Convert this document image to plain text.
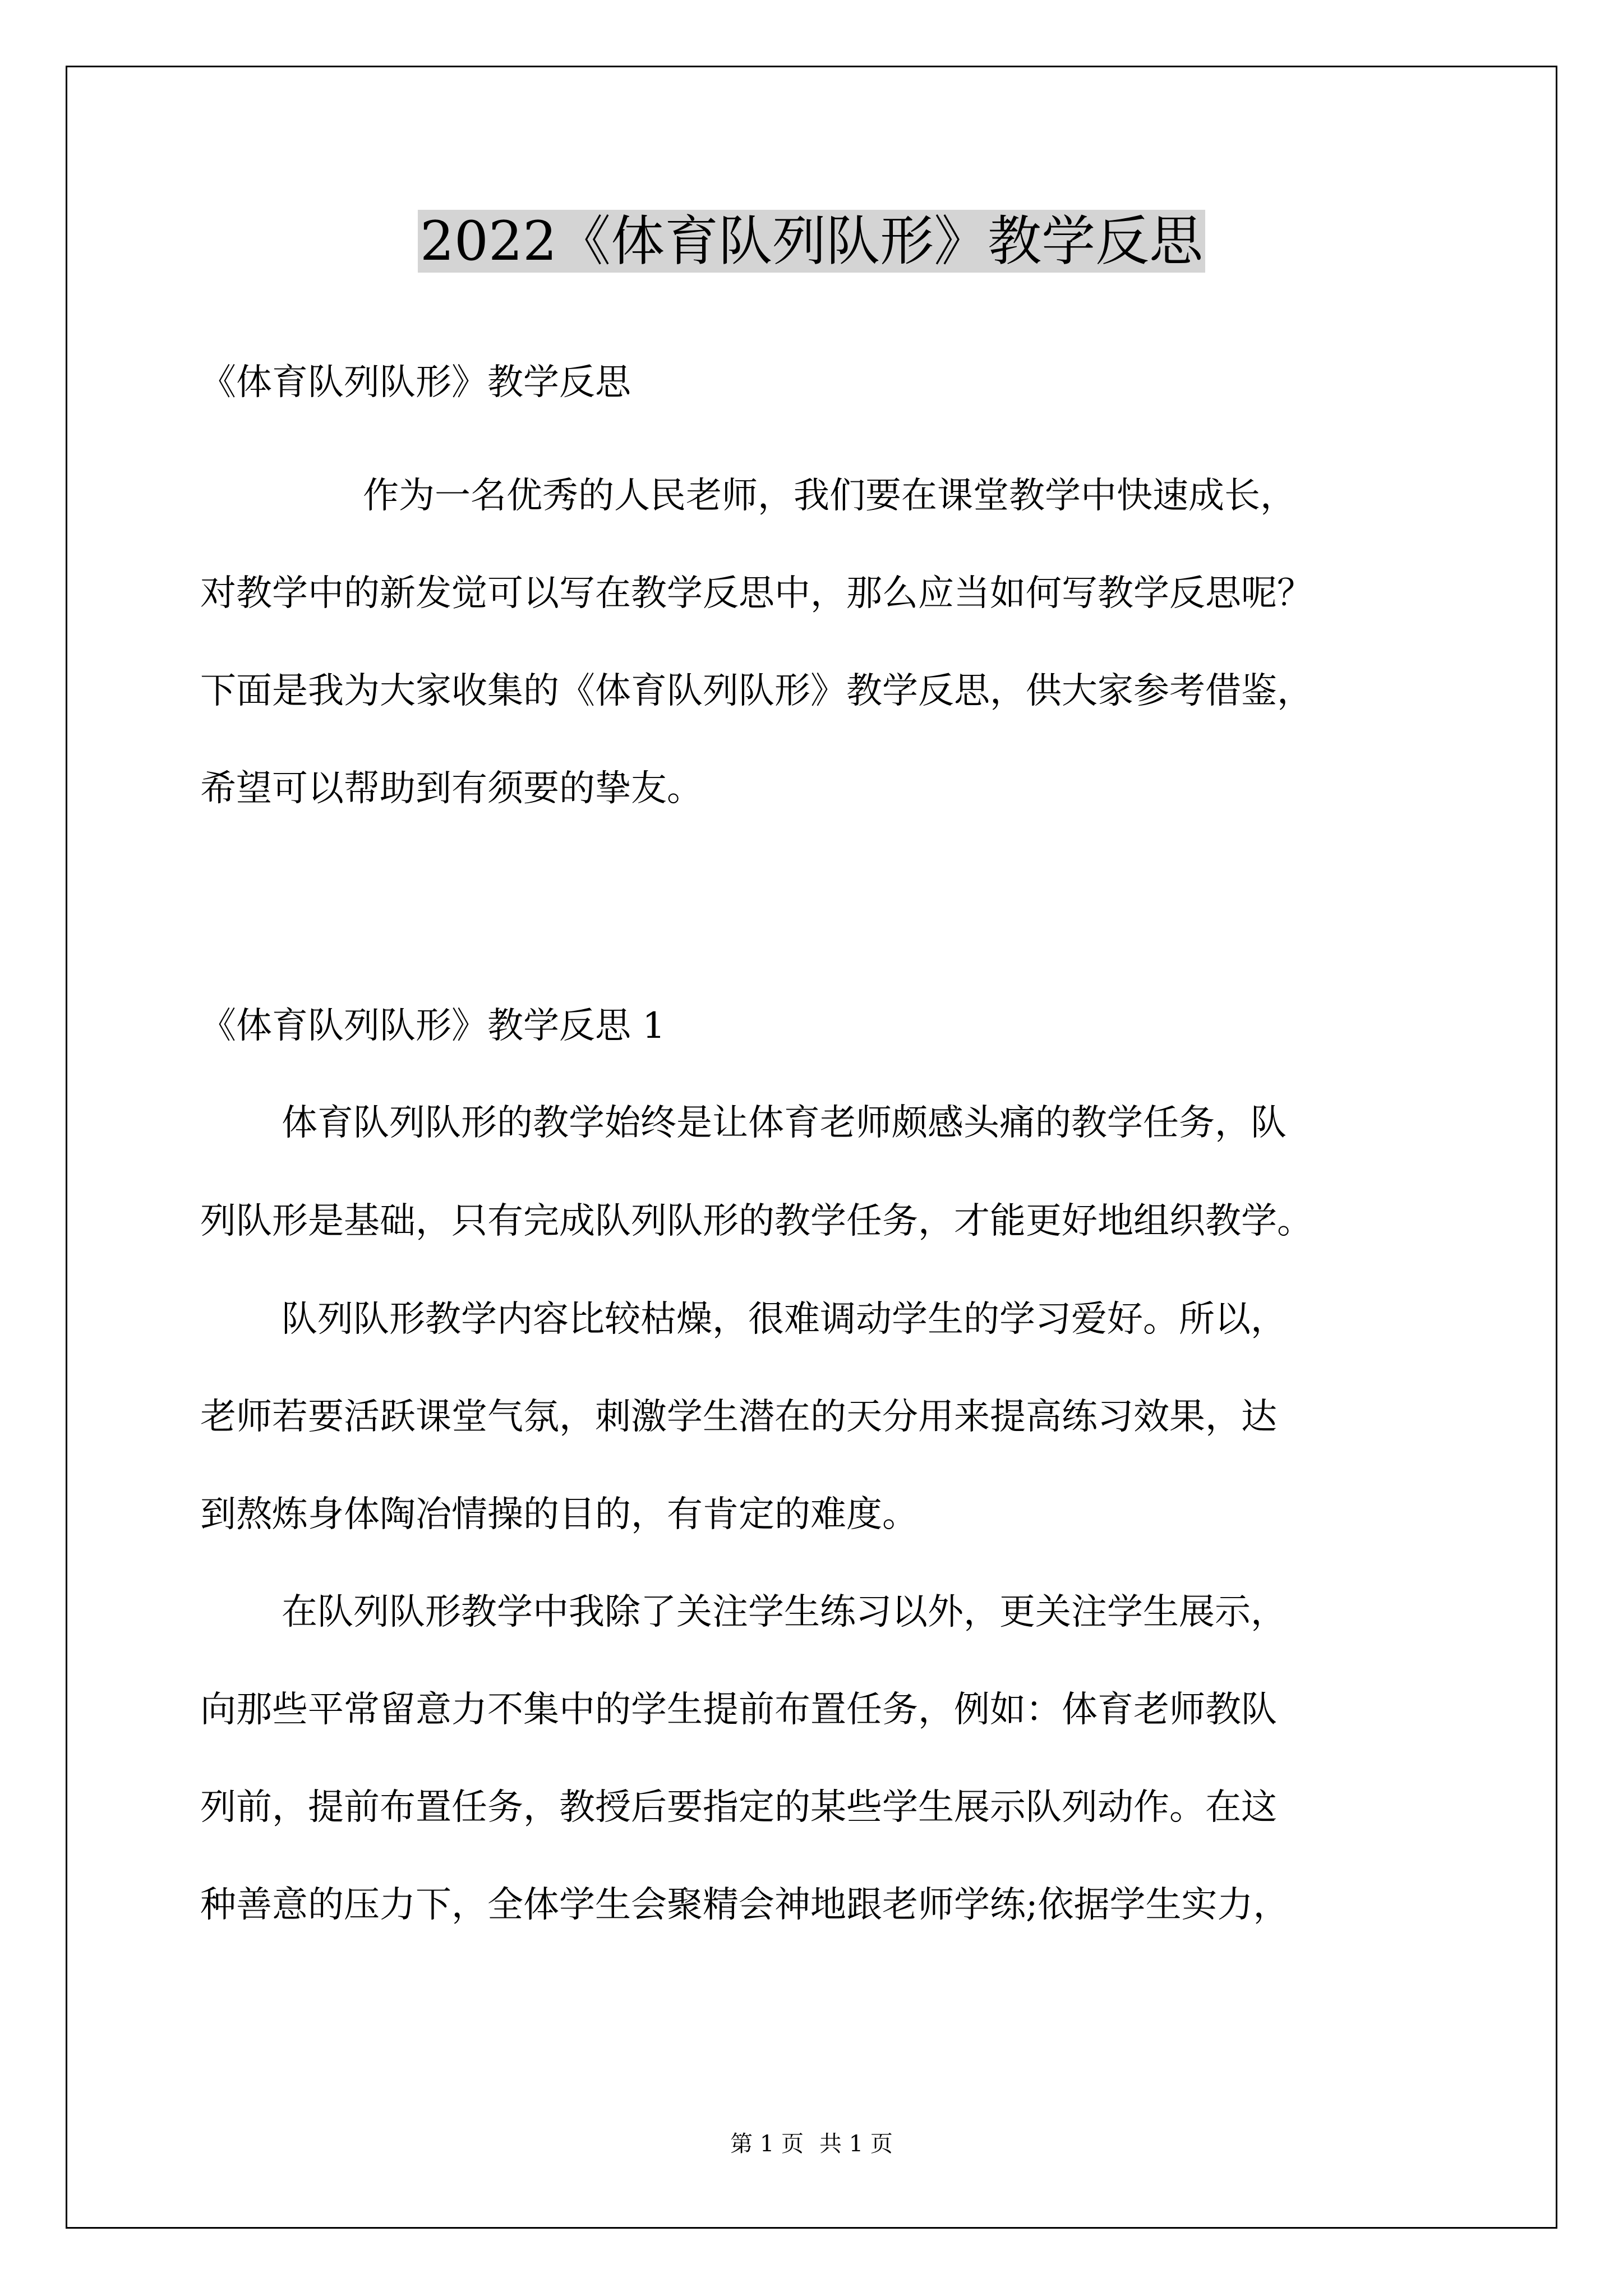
2022《体育队列队形》教学反思
《体育队列队形》教学反思
作为一名优秀的人民老师，我们要在课堂教学中快速成长，
对教学中的新发觉可以写在教学反思中，那么应当如何写教学反思呢？
下面是我为大家收集的《体育队列队形》教学反思，供大家参考借鉴，
希望可以帮助到有须要的挚友。
《体育队列队形》教学反思 1
体育队列队形的教学始终是让体育老师颇感头痛的教学任务，队
列队形是基础，只有完成队列队形的教学任务，才能更好地组织教学。
队列队形教学内容比较枯燥，很难调动学生的学习爱好。所以，
老师若要活跃课堂气氛，刺激学生潜在的天分用来提高练习效果，达
到熬炼身体陶冶情操的目的，有肯定的难度。
在队列队形教学中我除了关注学生练习以外，更关注学生展示，
向那些平常留意力不集中的学生提前布置任务，例如：体育老师教队
列前，提前布置任务，教授后要指定的某些学生展示队列动作。在这
种善意的压力下，全体学生会聚精会神地跟老师学练;依据学生实力，
第 1 页 共 1 页
